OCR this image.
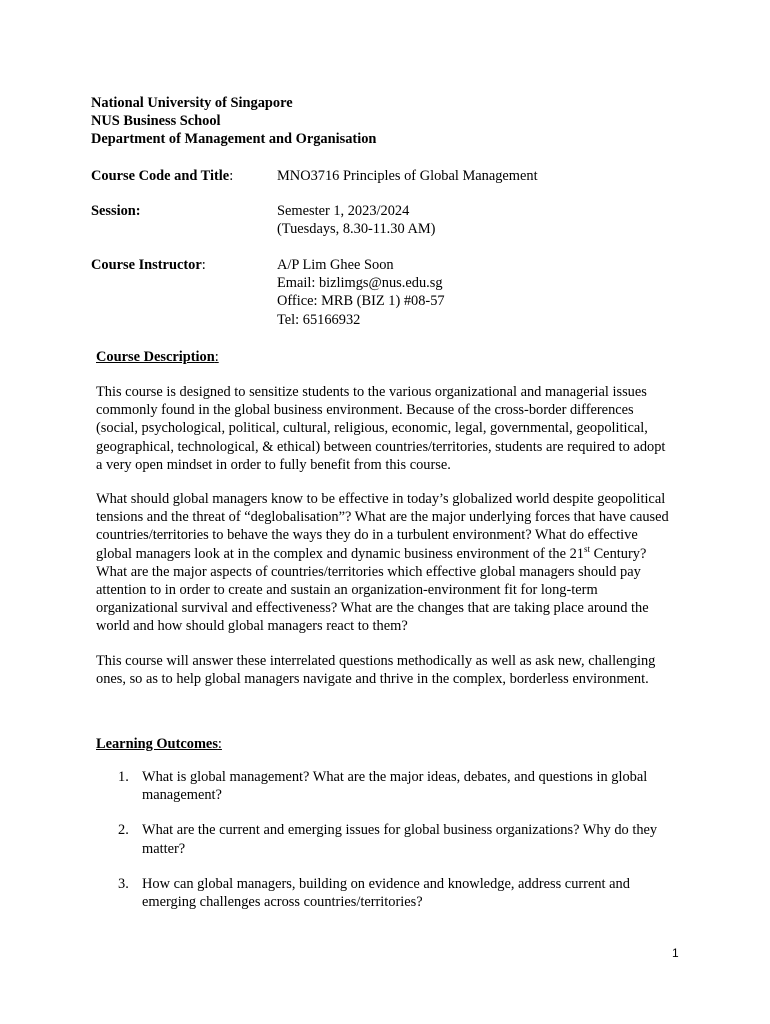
National University of Singapore
NUS Business School
Department of Management and Organisation
Course Code and Title:	MNO3716 Principles of Global Management
Session:	Semester 1, 2023/2024
(Tuesdays, 8.30-11.30 AM)
Course Instructor:	A/P Lim Ghee Soon
Email: bizlimgs@nus.edu.sg
Office: MRB (BIZ 1) #08-57
Tel: 65166932
Course Description:
This course is designed to sensitize students to the various organizational and managerial issues
commonly found in the global business environment. Because of the cross-border differences
(social, psychological, political, cultural, religious, economic, legal, governmental, geopolitical,
geographical, technological, & ethical) between countries/territories, students are required to adopt
a very open mindset in order to fully benefit from this course.
What should global managers know to be effective in today’s globalized world despite geopolitical
tensions and the threat of “deglobalisation”? What are the major underlying forces that have caused
countries/territories to behave the ways they do in a turbulent environment? What do effective
global managers look at in the complex and dynamic business environment of the 21st Century?
What are the major aspects of countries/territories which effective global managers should pay
attention to in order to create and sustain an organization-environment fit for long-term
organizational survival and effectiveness? What are the changes that are taking place around the
world and how should global managers react to them?
This course will answer these interrelated questions methodically as well as ask new, challenging
ones, so as to help global managers navigate and thrive in the complex, borderless environment.
Learning Outcomes:
1. What is global management? What are the major ideas, debates, and questions in global
management?
2. What are the current and emerging issues for global business organizations? Why do they
matter?
3. How can global managers, building on evidence and knowledge, address current and
emerging challenges across countries/territories?
1
